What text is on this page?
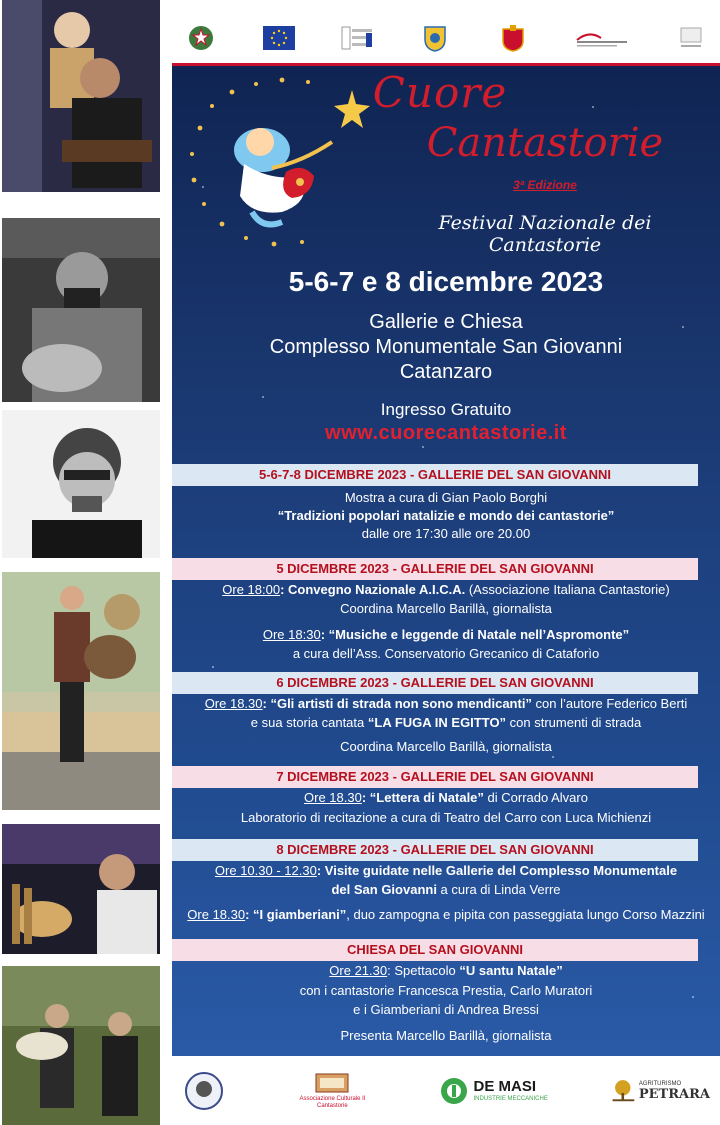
Cuore
Cantastorie
3ª Edizione
Festival Nazionale dei Cantastorie
5-6-7 e 8 dicembre 2023
Gallerie e Chiesa
Complesso Monumentale San Giovanni
Catanzaro
Ingresso Gratuito
www.cuorecantastorie.it
5-6-7-8 DICEMBRE 2023 - GALLERIE DEL SAN GIOVANNI
Mostra a cura di Gian Paolo Borghi
“Tradizioni popolari natalizie e mondo dei cantastorie”
dalle ore 17:30 alle ore 20.00
5 DICEMBRE 2023 - GALLERIE DEL SAN GIOVANNI
Ore 18:00: Convegno Nazionale A.I.C.A. (Associazione Italiana Cantastorie)
Coordina Marcello Barillà, giornalista
Ore 18:30: “Musiche e leggende di Natale nell’Aspromonte”
a cura dell’Ass. Conservatorio Grecanico di Cataforìo
6 DICEMBRE 2023 - GALLERIE DEL SAN GIOVANNI
Ore 18.30: “Gli artisti di strada non sono mendicanti” con l’autore Federico Berti
e sua storia cantata “LA FUGA IN EGITTO” con strumenti di strada
Coordina Marcello Barillà, giornalista
7 DICEMBRE 2023 - GALLERIE DEL SAN GIOVANNI
Ore 18.30: “Lettera di Natale” di Corrado Alvaro
Laboratorio di recitazione a cura di Teatro del Carro con Luca Michienzi
8 DICEMBRE 2023 - GALLERIE DEL SAN GIOVANNI
Ore 10.30 - 12.30: Visite guidate nelle Gallerie del Complesso Monumentale
del San Giovanni a cura di Linda Verre
Ore 18.30: “I giamberiani”, duo zampogna e pipita con passeggiata lungo Corso Mazzini
CHIESA DEL SAN GIOVANNI
Ore 21.30: Spettacolo “U santu Natale”
con i cantastorie Francesca Prestia, Carlo Muratori
e i Giamberiani di Andrea Bressi
Presenta Marcello Barillà, giornalista
Associazione Culturale Il Cantastorie
DE MASI
INDUSTRIE MECCANICHE
AGRITURISMO
PETRARA
